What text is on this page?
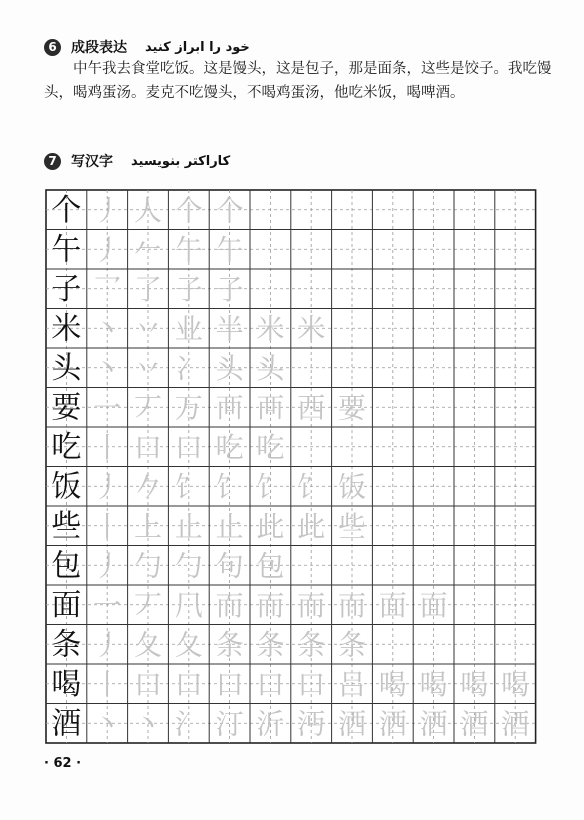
6	成段表达 خود را ابراز کنید

中午我去食堂吃饭。这是馒头，这是包子，那是面条，这些是饺子。我吃馒头，喝鸡蛋汤。麦克不吃馒头，不喝鸡蛋汤，他吃米饭，喝啤酒。

7	写汉字 کاراکتر بنویسید
个 丿 人 个 个
午 丿 𠂉 午 午
子 乛 了 子 子
米 丶 丷 业 半 米 米
头 丶 丷 冫 头 头
要 一 丆 万 襾 襾 西 要
吃 丨 口 口 吃 吃
饭 丿 𠂊 饣 饣 饣 饣 饭
些 丨 上 止 止 此 此 些
包 丿 勹 勹 句 包
面 一 丆 𠘨 而 而 而 而 面 面
条 丿 夂 夂 条 条 条 条
喝 丨 口 口 口 口 口 吕 喝 喝 喝 喝
酒 丶 丶 氵 汀 沂 沔 洒 洒 洒 酒 酒
· 62 ·
